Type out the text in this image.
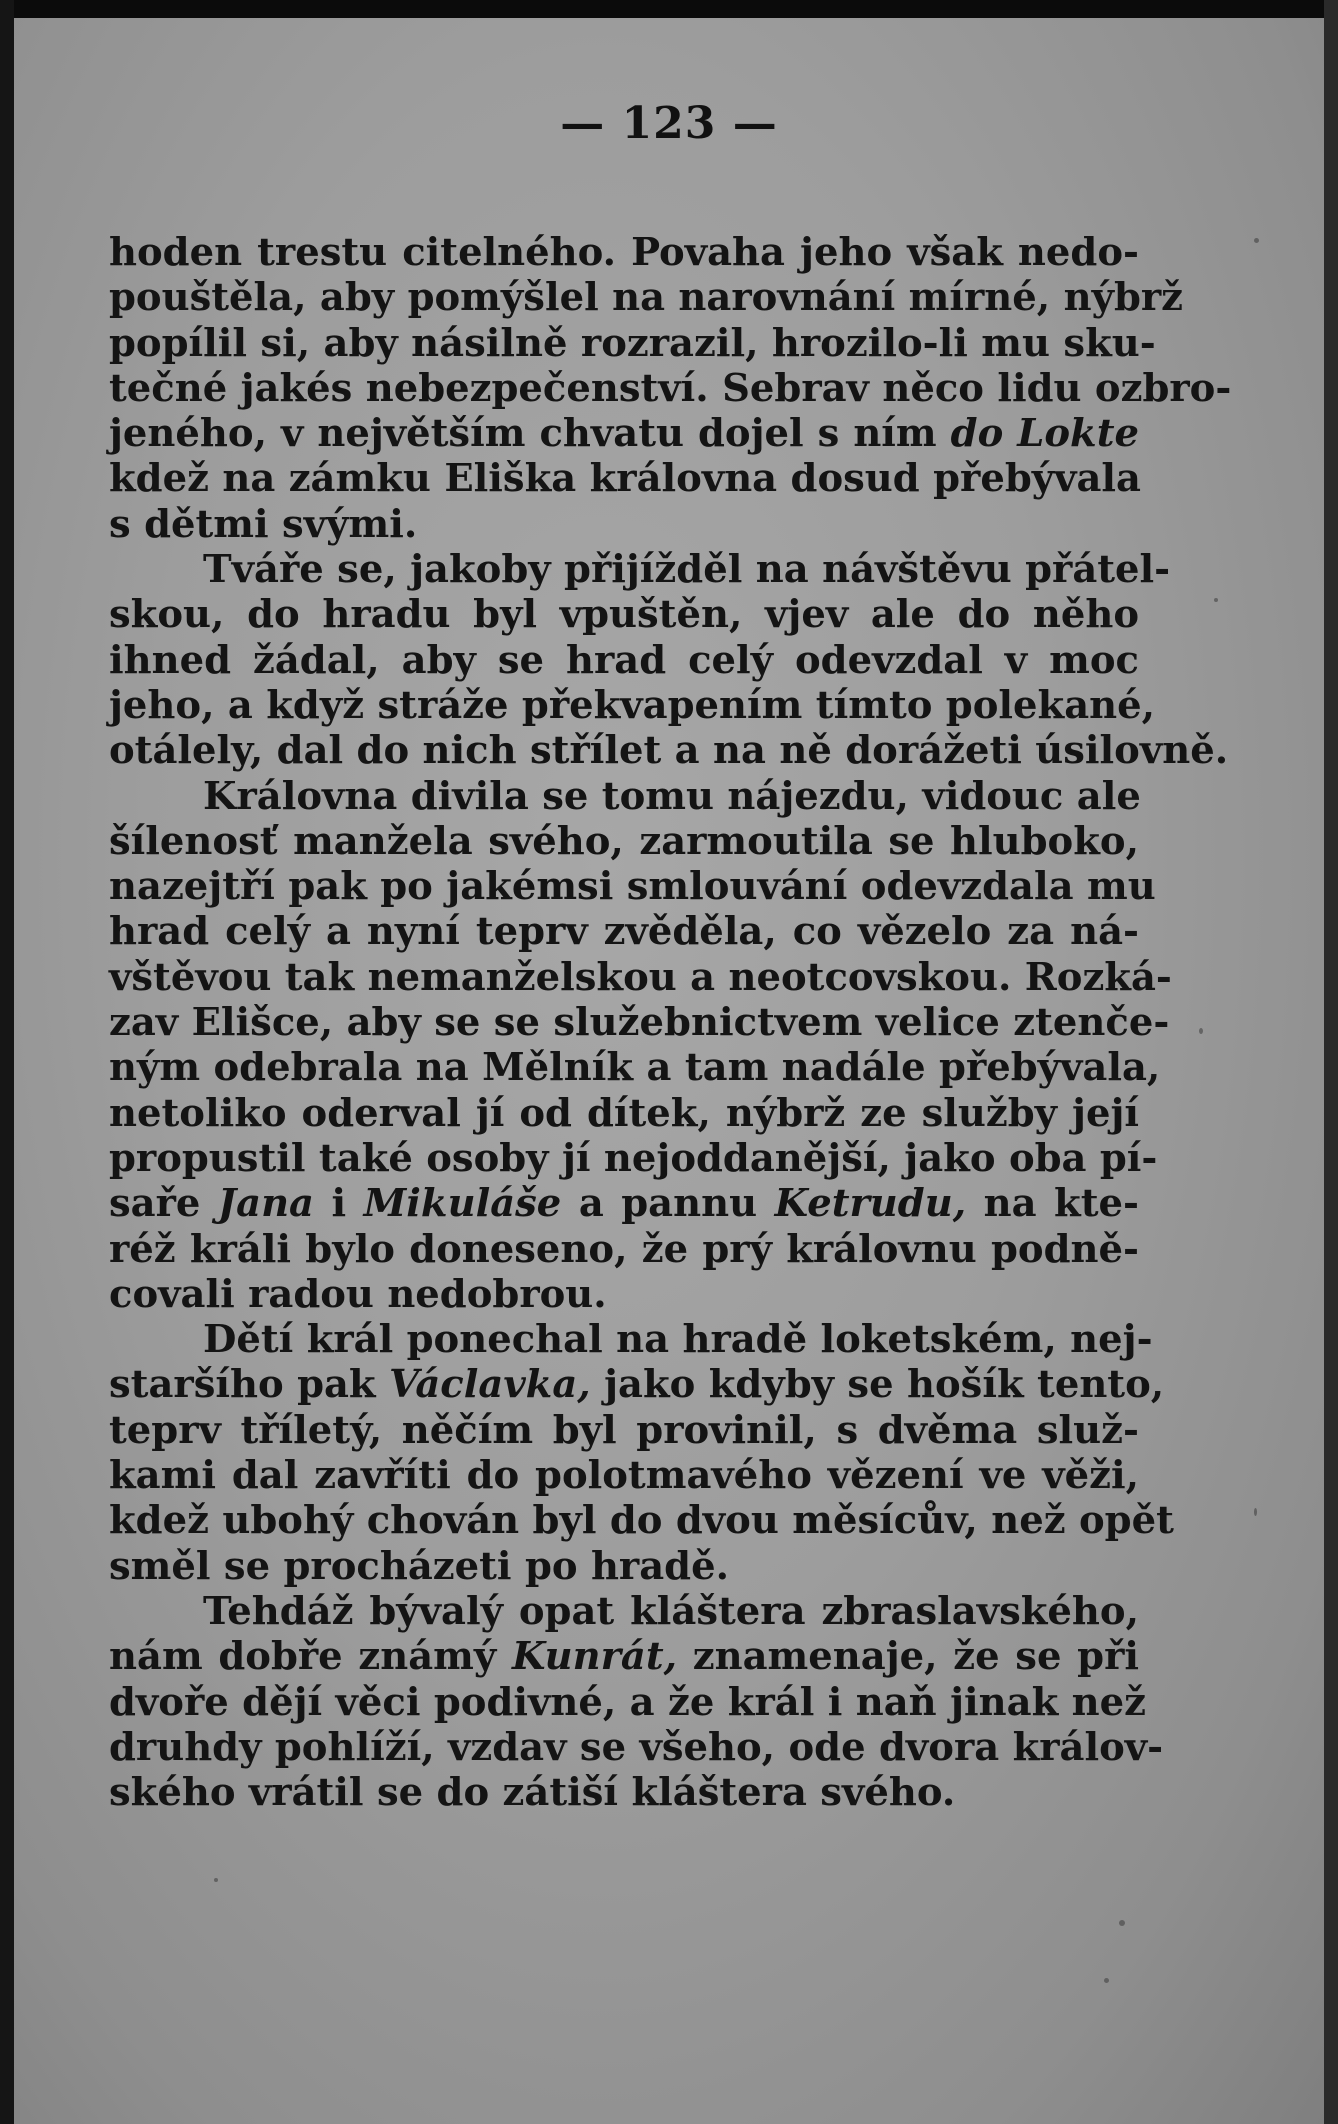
— 123 —
hoden trestu citelného. Povaha jeho však nedo-
pouštěla, aby pomýšlel na narovnání mírné, nýbrž
popílil si, aby násilně rozrazil, hrozilo-li mu sku-
tečné jakés nebezpečenství. Sebrav něco lidu ozbro-
jeného, v největším chvatu dojel s ním do Lokte
kdež na zámku Eliška královna dosud přebývala
s dětmi svými.
Tváře se, jakoby přijížděl na návštěvu přátel-
skou, do hradu byl vpuštěn, vjev ale do něho
ihned žádal, aby se hrad celý odevzdal v moc
jeho, a když stráže překvapením tímto polekané,
otálely, dal do nich střílet a na ně dorážeti úsilovně.
Královna divila se tomu nájezdu, vidouc ale
šílenosť manžela svého, zarmoutila se hluboko,
nazejtří pak po jakémsi smlouvání odevzdala mu
hrad celý a nyní teprv zvěděla, co vězelo za ná-
vštěvou tak nemanželskou a neotcovskou. Rozká-
zav Elišce, aby se se služebnictvem velice ztenče-
ným odebrala na Mělník a tam nadále přebývala,
netoliko oderval jí od dítek, nýbrž ze služby její
propustil také osoby jí nejoddanější, jako oba pí-
saře Jana i Mikuláše a pannu Ketrudu, na kte-
réž králi bylo doneseno, že prý královnu podně-
covali radou nedobrou.
Dětí král ponechal na hradě loketském, nej-
staršího pak Václavka, jako kdyby se hošík tento,
teprv tříletý, něčím byl provinil, s dvěma služ-
kami dal zavříti do polotmavého vězení ve věži,
kdež ubohý chován byl do dvou měsícův, než opět
směl se procházeti po hradě.
Tehdáž bývalý opat kláštera zbraslavského,
nám dobře známý Kunrát, znamenaje, že se při
dvoře dějí věci podivné, a že král i naň jinak než
druhdy pohlíží, vzdav se všeho, ode dvora králov-
ského vrátil se do zátiší kláštera svého.
